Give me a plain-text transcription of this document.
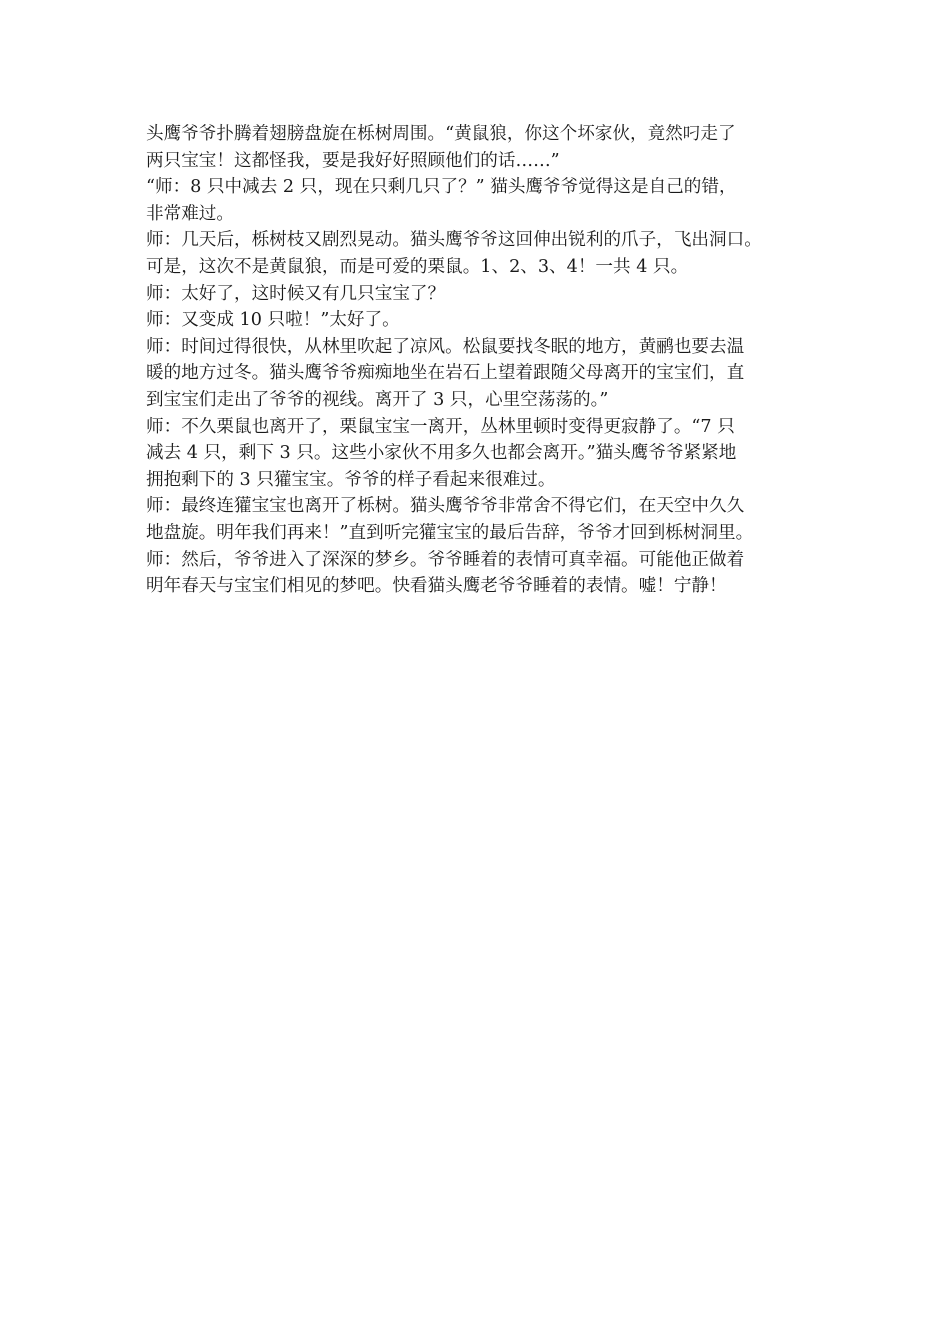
头鹰爷爷扑腾着翅膀盘旋在栎树周围。“黄鼠狼，你这个坏家伙，竟然叼走了
两只宝宝！这都怪我，要是我好好照顾他们的话……”
“师：8 只中减去 2 只，现在只剩几只了？” 猫头鹰爷爷觉得这是自己的错，
非常难过。
师：几天后，栎树枝又剧烈晃动。猫头鹰爷爷这回伸出锐利的爪子，飞出洞口。
可是，这次不是黄鼠狼，而是可爱的栗鼠。1、2、3、4！一共 4 只。
师：太好了，这时候又有几只宝宝了？
师：又变成 10 只啦！”太好了。
师：时间过得很快，从林里吹起了凉风。松鼠要找冬眠的地方，黄鹂也要去温
暖的地方过冬。猫头鹰爷爷痴痴地坐在岩石上望着跟随父母离开的宝宝们，直
到宝宝们走出了爷爷的视线。离开了 3 只，心里空荡荡的。”
师：不久栗鼠也离开了，栗鼠宝宝一离开，丛林里顿时变得更寂静了。“7 只
减去 4 只，剩下 3 只。这些小家伙不用多久也都会离开。”猫头鹰爷爷紧紧地
拥抱剩下的 3 只獾宝宝。爷爷的样子看起来很难过。
师：最终连獾宝宝也离开了栎树。猫头鹰爷爷非常舍不得它们，在天空中久久
地盘旋。明年我们再来！”直到听完獾宝宝的最后告辞，爷爷才回到栎树洞里。
师：然后，爷爷进入了深深的梦乡。爷爷睡着的表情可真幸福。可能他正做着
明年春天与宝宝们相见的梦吧。快看猫头鹰老爷爷睡着的表情。嘘！宁静！
